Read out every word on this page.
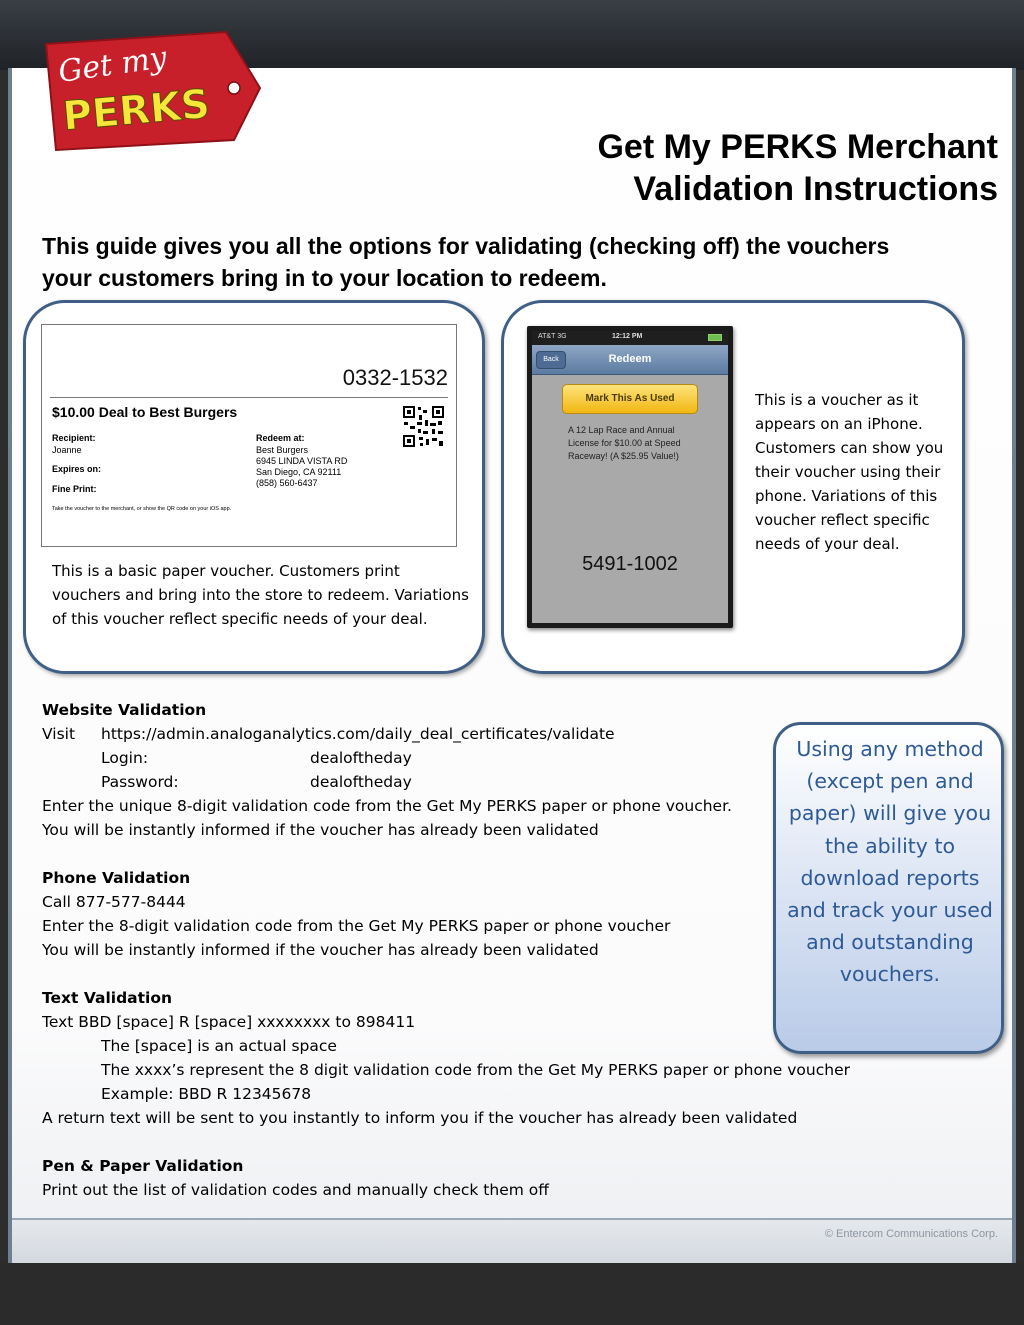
Get my
PERKS
Get My PERKS Merchant
Validation Instructions
This guide gives you all the options for validating (checking off) the vouchers your customers bring in to your location to redeem.
0332-1532
$10.00 Deal to Best Burgers
Recipient:
Joanne
Expires on:
Fine Print:
Redeem at:
Best Burgers
6945 LINDA VISTA RD
San Diego, CA 92111
(858) 560-6437
Take the voucher to the merchant, or show the QR code on your iOS app.
This is a basic paper voucher. Customers print vouchers and bring into the store to redeem. Variations of this voucher reflect specific needs of your deal.
AT&T 3G	12:12 PM
Back	Redeem
Mark This As Used
A 12 Lap Race and Annual License for $10.00 at Speed Raceway! (A $25.95 Value!)
5491-1002
This is a voucher as it appears on an iPhone. Customers can show you their voucher using their phone. Variations of this voucher reflect specific needs of your deal.
Website Validation
Visit https://admin.analoganalytics.com/daily_deal_certificates/validate
Login:	dealoftheday
Password:	dealoftheday
Enter the unique 8-digit validation code from the Get My PERKS paper or phone voucher.
You will be instantly informed if the voucher has already been validated
Phone Validation
Call 877-577-8444
Enter the 8-digit validation code from the Get My PERKS paper or phone voucher
You will be instantly informed if the voucher has already been validated
Text Validation
Text BBD [space] R [space] xxxxxxxx to 898411
The [space] is an actual space
The xxxx’s represent the 8 digit validation code from the Get My PERKS paper or phone voucher
Example: BBD R 12345678
A return text will be sent to you instantly to inform you if the voucher has already been validated
Pen & Paper Validation
Print out the list of validation codes and manually check them off
Using any method (except pen and paper) will give you the ability to download reports and track your used and outstanding vouchers.
© Entercom Communications Corp.
